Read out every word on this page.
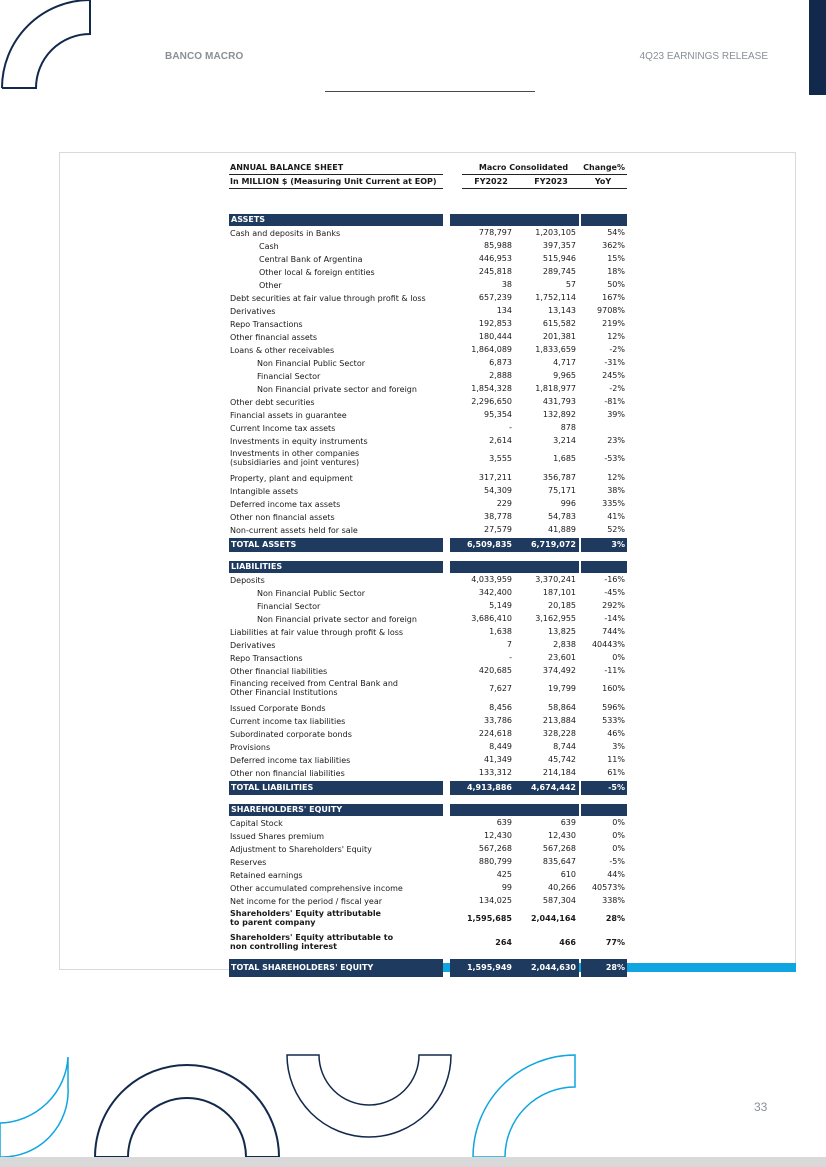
BANCO MACRO	4Q23 EARNINGS RELEASE
ANNUAL BALANCE SHEET	Macro Consolidated	Change%
In MILLION $ (Measuring Unit Current at EOP)	FY2022	FY2023	YoY
ASSETS
Cash and deposits in Banks	778,797	1,203,105	54%
Cash	85,988	397,357	362%
Central Bank of Argentina	446,953	515,946	15%
Other local & foreign entities	245,818	289,745	18%
Other	38	57	50%
Debt securities at fair value through profit & loss	657,239	1,752,114	167%
Derivatives	134	13,143	9708%
Repo Transactions	192,853	615,582	219%
Other financial assets	180,444	201,381	12%
Loans & other receivables	1,864,089	1,833,659	-2%
Non Financial Public Sector	6,873	4,717	-31%
Financial Sector	2,888	9,965	245%
Non Financial private sector and foreign	1,854,328	1,818,977	-2%
Other debt securities	2,296,650	431,793	-81%
Financial assets in guarantee	95,354	132,892	39%
Current Income tax assets	-	878
Investments in equity instruments	2,614	3,214	23%
Investments in other companies
(subsidiaries and joint ventures)	3,555	1,685	-53%
Property, plant and equipment	317,211	356,787	12%
Intangible assets	54,309	75,171	38%
Deferred income tax assets	229	996	335%
Other non financial assets	38,778	54,783	41%
Non-current assets held for sale	27,579	41,889	52%
TOTAL ASSETS	6,509,835	6,719,072	3%
LIABILITIES
Deposits	4,033,959	3,370,241	-16%
Non Financial Public Sector	342,400	187,101	-45%
Financial Sector	5,149	20,185	292%
Non Financial private sector and foreign	3,686,410	3,162,955	-14%
Liabilities at fair value through profit & loss	1,638	13,825	744%
Derivatives	7	2,838	40443%
Repo Transactions	-	23,601	0%
Other financial liabilities	420,685	374,492	-11%
Financing received from Central Bank and
Other Financial Institutions	7,627	19,799	160%
Issued Corporate Bonds	8,456	58,864	596%
Current income tax liabilities	33,786	213,884	533%
Subordinated corporate bonds	224,618	328,228	46%
Provisions	8,449	8,744	3%
Deferred income tax liabilities	41,349	45,742	11%
Other non financial liabilities	133,312	214,184	61%
TOTAL LIABILITIES	4,913,886	4,674,442	-5%
SHAREHOLDERS' EQUITY
Capital Stock	639	639	0%
Issued Shares premium	12,430	12,430	0%
Adjustment to Shareholders' Equity	567,268	567,268	0%
Reserves	880,799	835,647	-5%
Retained earnings	425	610	44%
Other accumulated comprehensive income	99	40,266	40573%
Net income for the period / fiscal year	134,025	587,304	338%
Shareholders' Equity attributable
to parent company	1,595,685	2,044,164	28%
Shareholders' Equity attributable to
non controlling interest	264	466	77%
TOTAL SHAREHOLDERS' EQUITY	1,595,949	2,044,630	28%
33
